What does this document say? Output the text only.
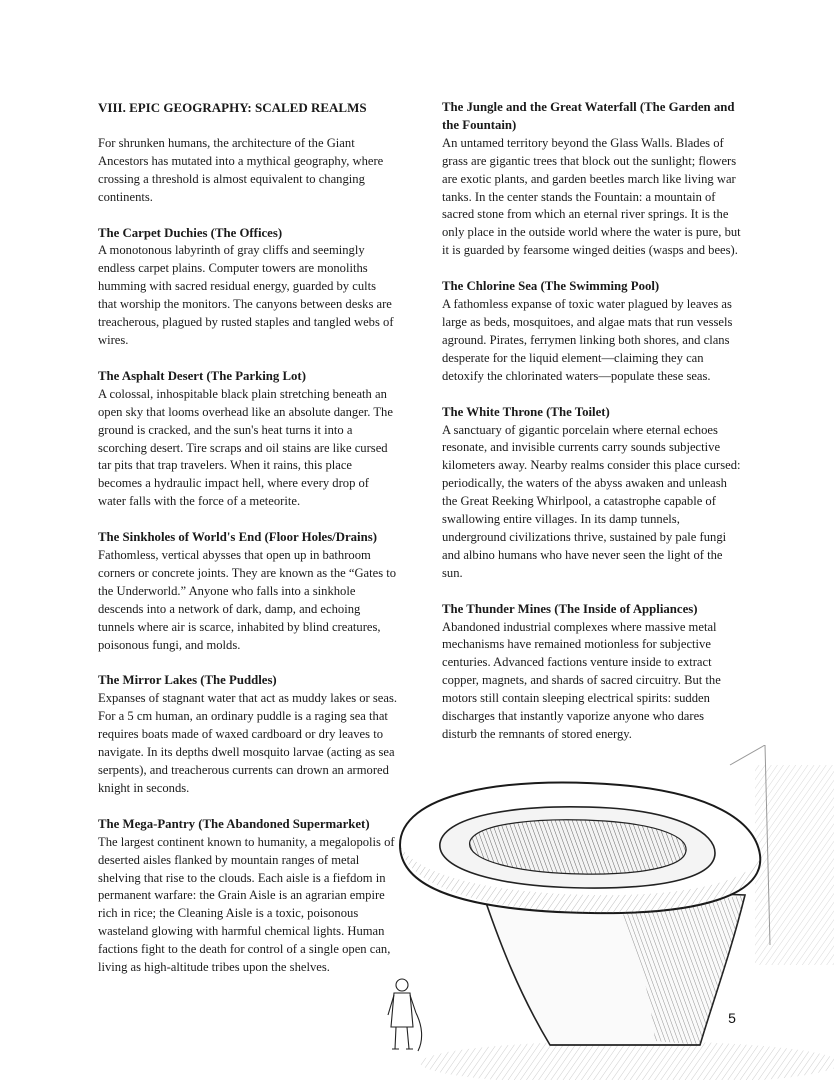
VIII. EPIC GEOGRAPHY: SCALED REALMS
For shrunken humans, the architecture of the Giant Ancestors has mutated into a mythical geography, where crossing a threshold is almost equivalent to changing continents.
The Carpet Duchies (The Offices)

A monotonous labyrinth of gray cliffs and seemingly endless carpet plains. Computer towers are monoliths humming with sacred residual energy, guarded by cults that worship the monitors. The canyons between desks are treacherous, plagued by rusted staples and tangled webs of wires.

The Asphalt Desert (The Parking Lot)

A colossal, inhospitable black plain stretching beneath an open sky that looms overhead like an absolute danger. The ground is cracked, and the sun's heat turns it into a scorching desert. Tire scraps and oil stains are like cursed tar pits that trap travelers. When it rains, this place becomes a hydraulic impact hell, where every drop of water falls with the force of a meteorite.

The Sinkholes of World's End (Floor Holes/Drains)

Fathomless, vertical abysses that open up in bathroom corners or concrete joints. They are known as the “Gates to the Underworld.” Anyone who falls into a sinkhole descends into a network of dark, damp, and echoing tunnels where air is scarce, inhabited by blind creatures, poisonous fungi, and molds.

The Mirror Lakes (The Puddles)

Expanses of stagnant water that act as muddy lakes or seas. For a 5 cm human, an ordinary puddle is a raging sea that requires boats made of waxed cardboard or dry leaves to navigate. In its depths dwell mosquito larvae (acting as sea serpents), and treacherous currents can drown an armored knight in seconds.

The Mega-Pantry (The Abandoned Supermarket)

The largest continent known to humanity, a megalopolis of deserted aisles flanked by mountain ranges of metal shelving that rise to the clouds. Each aisle is a fiefdom in permanent warfare: the Grain Aisle is an agrarian empire rich in rice; the Cleaning Aisle is a toxic, poisonous wasteland glowing with harmful chemical lights. Human factions fight to the death for control of a single open can, living as high-altitude tribes upon the shelves.

The Jungle and the Great Waterfall (The Garden and the Fountain)

An untamed territory beyond the Glass Walls. Blades of grass are gigantic trees that block out the sunlight; flowers are exotic plants, and garden beetles march like living war tanks. In the center stands the Fountain: a mountain of sacred stone from which an eternal river springs. It is the only place in the outside world where the water is pure, but it is guarded by fearsome winged deities (wasps and bees).

The Chlorine Sea (The Swimming Pool)

A fathomless expanse of toxic water plagued by leaves as large as beds, mosquitoes, and algae mats that run vessels aground. Pirates, ferrymen linking both shores, and clans desperate for the liquid element—claiming they can detoxify the chlorinated waters—populate these seas.

The White Throne (The Toilet)

A sanctuary of gigantic porcelain where eternal echoes resonate, and invisible currents carry sounds subjective kilometers away. Nearby realms consider this place cursed: periodically, the waters of the abyss awaken and unleash the Great Reeking Whirlpool, a catastrophe capable of swallowing entire villages. In its damp tunnels, underground civilizations thrive, sustained by pale fungi and albino humans who have never seen the light of the sun.

The Thunder Mines (The Inside of Appliances)

Abandoned industrial complexes where massive metal mechanisms have remained motionless for subjective centuries. Advanced factions venture inside to extract copper, magnets, and shards of sacred circuitry. But the motors still contain sleeping electrical spirits: sudden discharges that instantly vaporize anyone who dares disturb the remnants of stored energy.

5
